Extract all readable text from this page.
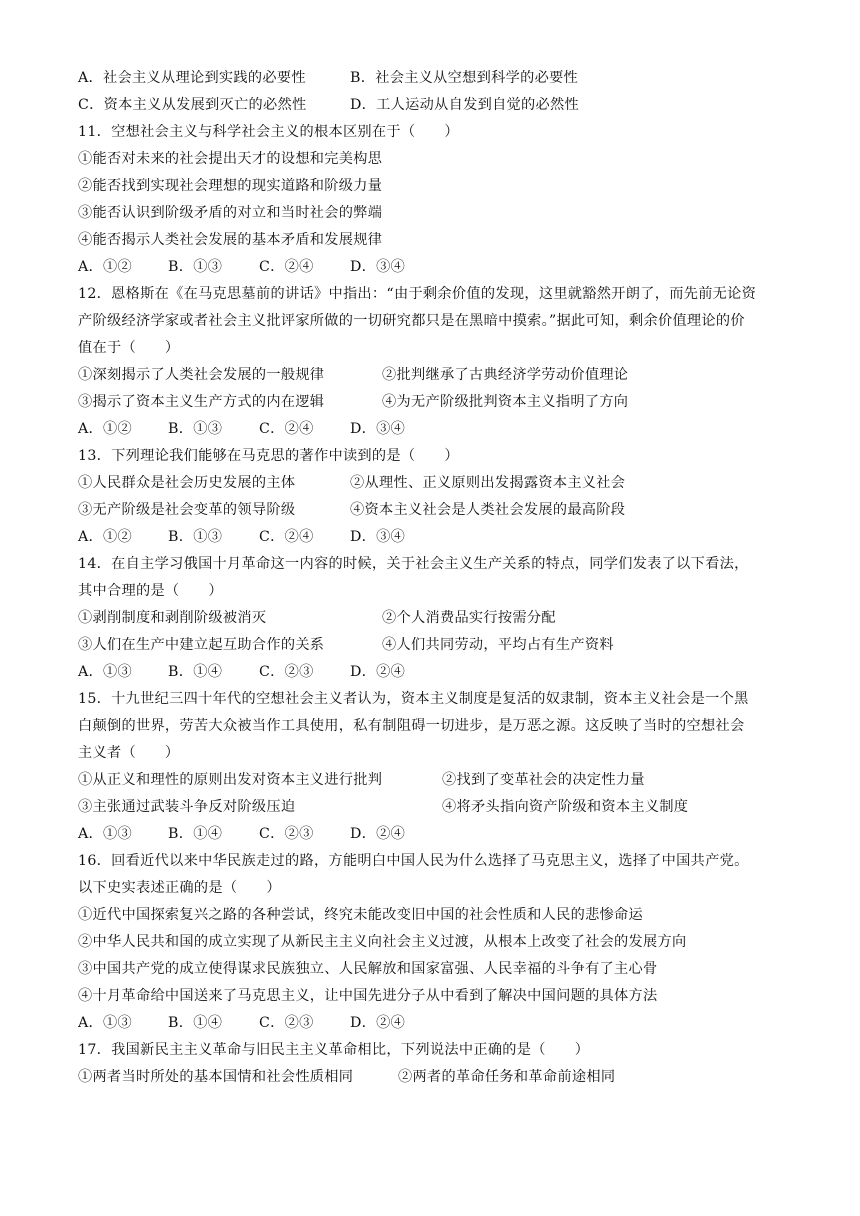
A．社会主义从理论到实践的必要性	B．社会主义从空想到科学的必要性
C．资本主义从发展到灭亡的必然性	D．工人运动从自发到自觉的必然性
11．空想社会主义与科学社会主义的根本区别在于（　　）
①能否对未来的社会提出天才的设想和完美构思
②能否找到实现社会理想的现实道路和阶级力量
③能否认识到阶级矛盾的对立和当时社会的弊端
④能否揭示人类社会发展的基本矛盾和发展规律
A．①②	B．①③	C．②④	D．③④
12．恩格斯在《在马克思墓前的讲话》中指出：“由于剩余价值的发现，这里就豁然开朗了，而先前无论资
产阶级经济学家或者社会主义批评家所做的一切研究都只是在黑暗中摸索。”据此可知，剩余价值理论的价
值在于（　　）
①深刻揭示了人类社会发展的一般规律	②批判继承了古典经济学劳动价值理论
③揭示了资本主义生产方式的内在逻辑	④为无产阶级批判资本主义指明了方向
A．①②	B．①③	C．②④	D．③④
13．下列理论我们能够在马克思的著作中读到的是（　　）
①人民群众是社会历史发展的主体	②从理性、正义原则出发揭露资本主义社会
③无产阶级是社会变革的领导阶级	④资本主义社会是人类社会发展的最高阶段
A．①②	B．①③	C．②④	D．③④
14．在自主学习俄国十月革命这一内容的时候，关于社会主义生产关系的特点，同学们发表了以下看法，
其中合理的是（　　）
①剥削制度和剥削阶级被消灭	②个人消费品实行按需分配
③人们在生产中建立起互助合作的关系	④人们共同劳动，平均占有生产资料
A．①③	B．①④	C．②③	D．②④
15．十九世纪三四十年代的空想社会主义者认为，资本主义制度是复活的奴隶制，资本主义社会是一个黑
白颠倒的世界，劳苦大众被当作工具使用，私有制阻碍一切进步，是万恶之源。这反映了当时的空想社会
主义者（　　）
①从正义和理性的原则出发对资本主义进行批判	②找到了变革社会的决定性力量
③主张通过武装斗争反对阶级压迫	④将矛头指向资产阶级和资本主义制度
A．①③	B．①④	C．②③	D．②④
16．回看近代以来中华民族走过的路，方能明白中国人民为什么选择了马克思主义，选择了中国共产党。
以下史实表述正确的是（　　）
①近代中国探索复兴之路的各种尝试，终究未能改变旧中国的社会性质和人民的悲惨命运
②中华人民共和国的成立实现了从新民主主义向社会主义过渡，从根本上改变了社会的发展方向
③中国共产党的成立使得谋求民族独立、人民解放和国家富强、人民幸福的斗争有了主心骨
④十月革命给中国送来了马克思主义，让中国先进分子从中看到了解决中国问题的具体方法
A．①③	B．①④	C．②③	D．②④
17．我国新民主主义革命与旧民主主义革命相比，下列说法中正确的是（　　）
①两者当时所处的基本国情和社会性质相同	②两者的革命任务和革命前途相同
